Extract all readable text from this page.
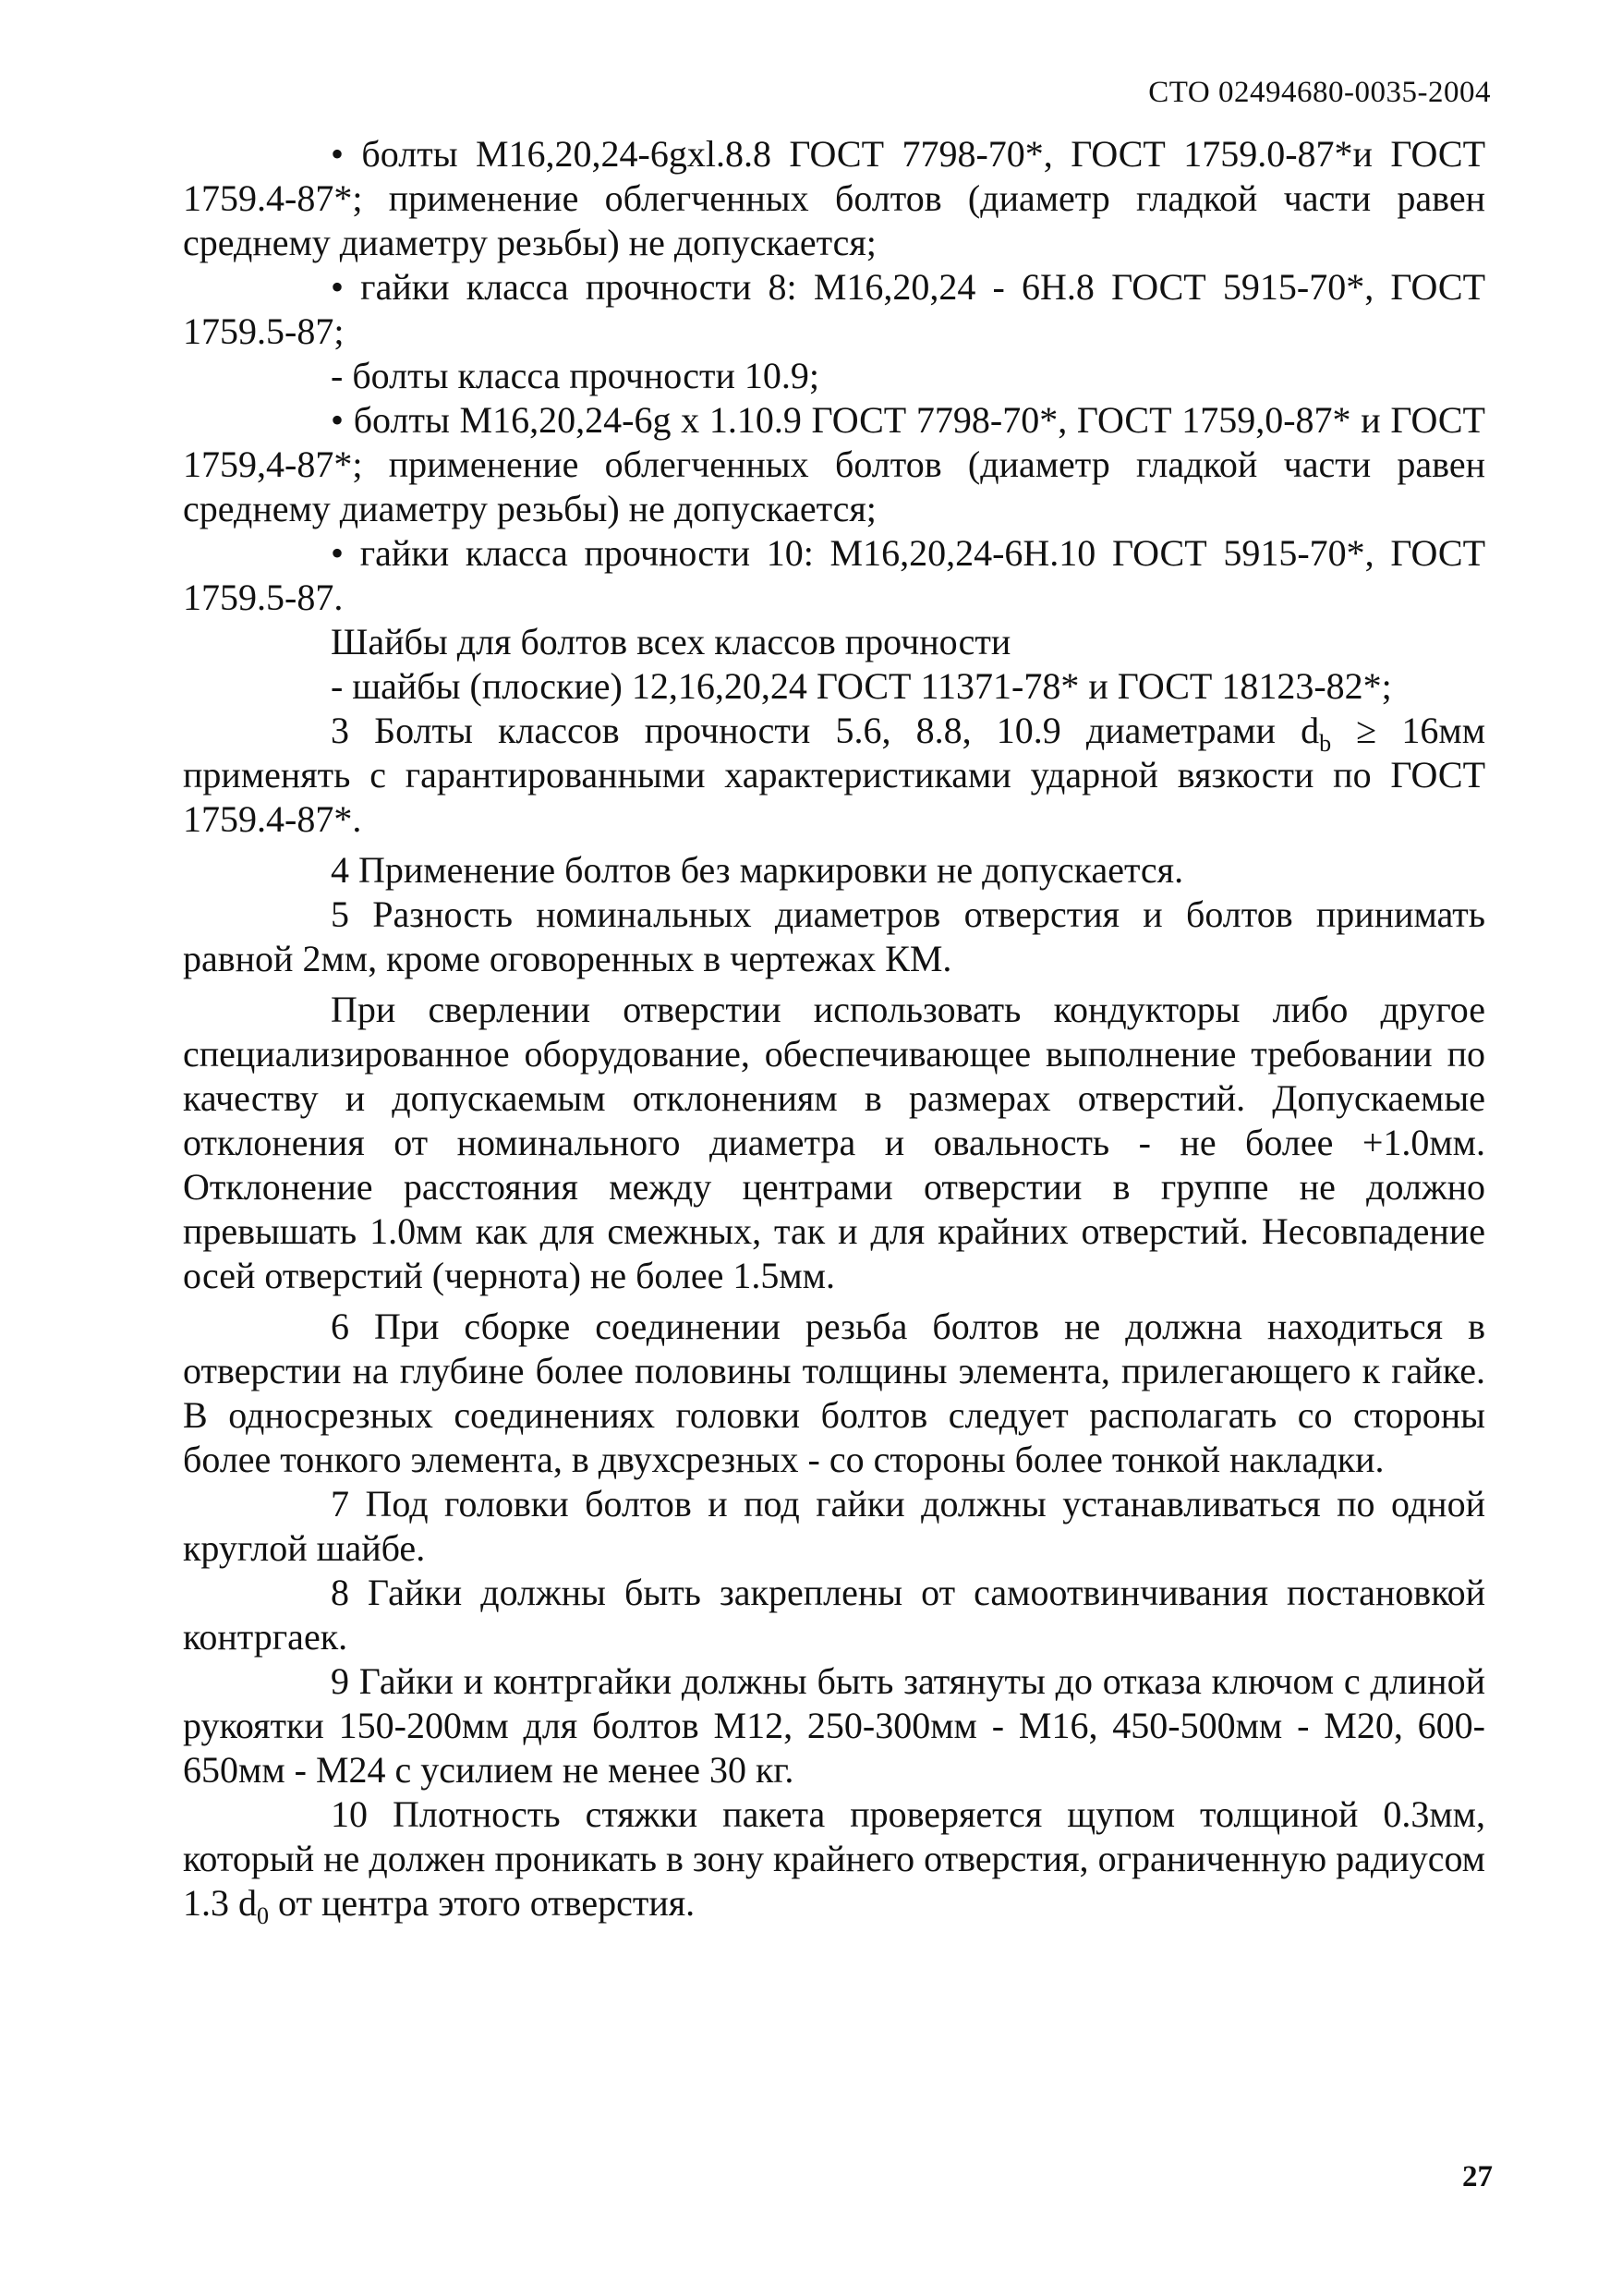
СТО 02494680-0035-2004

• болты М16,20,24-6gxl.8.8 ГОСТ 7798-70*, ГОСТ 1759.0-87*и ГОСТ 1759.4-87*; применение облегченных болтов (диаметр гладкой части равен среднему диаметру резьбы) не допускается;

• гайки класса прочности 8: М16,20,24 - 6Н.8 ГОСТ 5915-70*, ГОСТ 1759.5-87;

- болты класса прочности 10.9;

• болты М16,20,24-6g x 1.10.9 ГОСТ 7798-70*, ГОСТ 1759,0-87* и ГОСТ 1759,4-87*; применение облегченных болтов (диаметр гладкой части равен среднему диаметру резьбы) не допускается;

• гайки класса прочности 10: М16,20,24-6Н.10 ГОСТ 5915-70*, ГОСТ 1759.5-87.

Шайбы для болтов всех классов прочности

- шайбы (плоские) 12,16,20,24 ГОСТ 11371-78* и ГОСТ 18123-82*;

3 Болты классов прочности 5.6, 8.8, 10.9 диаметрами $d_b \ge 16мм$ применять с гарантированными характеристиками ударной вязкости по ГОСТ 1759.4-87*.

4 Применение болтов без маркировки не допускается.

5 Разность номинальных диаметров отверстия и болтов принимать равной 2мм, кроме оговоренных в чертежах КМ.

При сверлении отверстии использовать кондукторы либо другое специализированное оборудование, обеспечивающее выполнение требовании по качеству и допускаемым отклонениям в размерах отверстий. Допускаемые отклонения от номинального диаметра и овальность - не более +1.0мм. Отклонение расстояния между центрами отверстии в группе не должно превышать 1.0мм как для смежных, так и для крайних отверстий. Несовпадение осей отверстий (чернота) не более 1.5мм.

6 При сборке соединении резьба болтов не должна находиться в отверстии на глубине более половины толщины элемента, прилегающего к гайке. В односрезных соединениях головки болтов следует располагать со стороны более тонкого элемента, в двухсрезных - со стороны более тонкой накладки.

7 Под головки болтов и под гайки должны устанавливаться по одной круглой шайбе.

8 Гайки должны быть закреплены от самоотвинчивания постановкой контргаек.

9 Гайки и контргайки должны быть затянуты до отказа ключом с длиной рукоятки 150-200мм для болтов М12, 250-300мм - М16, 450-500мм - М20, 600-650мм - М24 с усилием не менее 30 кг.

10 Плотность стяжки пакета проверяется щупом толщиной 0.3мм, который не должен проникать в зону крайнего отверстия, ограниченную радиусом 1.3 $d_0$ от центра этого отверстия.

27
